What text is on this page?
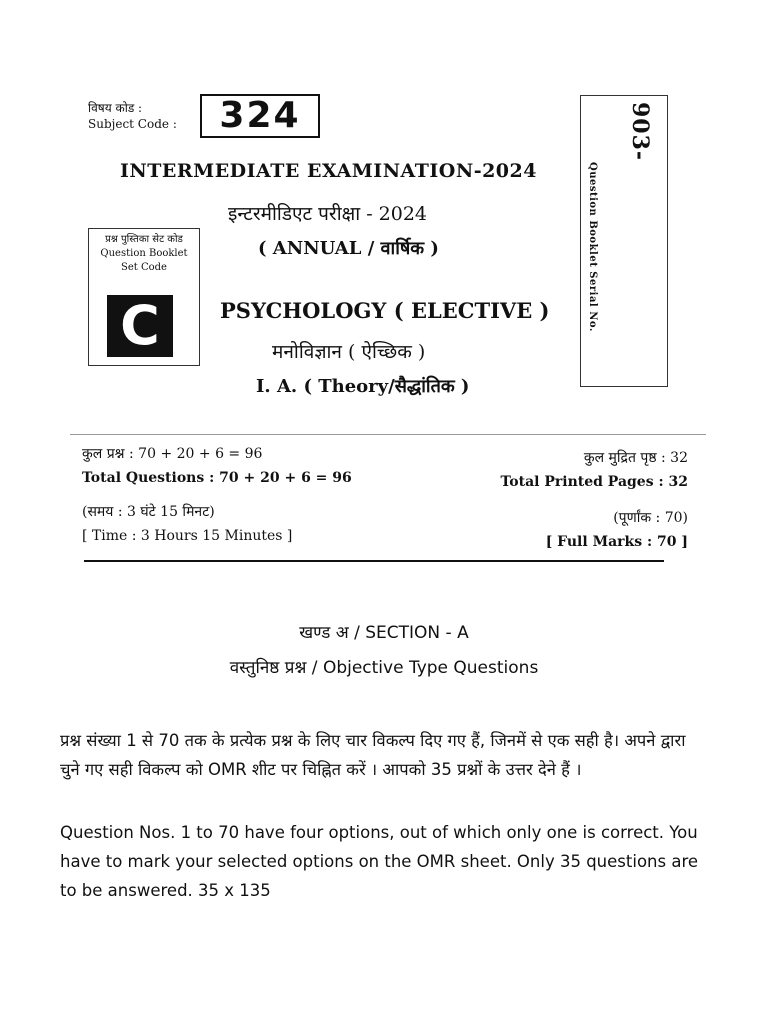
विषय कोड :
Subject Code :	324
INTERMEDIATE EXAMINATION-2024
इन्टरमीडिएट परीक्षा - 2024
( ANNUAL / वार्षिक )
प्रश्न पुस्तिका सेट कोड
Question Booklet
Set Code
C	PSYCHOLOGY ( ELECTIVE )
मनोविज्ञान ( ऐच्छिक )
I. A. ( Theory/सैद्धांतिक )
903-
Question Booklet Serial No.
कुल प्रश्न : 70 + 20 + 6 = 96
Total Questions : 70 + 20 + 6 = 96
कुल मुद्रित पृष्ठ : 32
Total Printed Pages : 32
(समय : 3 घंटे 15 मिनट)
[ Time : 3 Hours 15 Minutes ]
(पूर्णांक : 70)
[ Full Marks : 70 ]
खण्ड अ / SECTION - A
वस्तुनिष्ठ प्रश्न / Objective Type Questions
प्रश्न संख्या 1 से 70 तक के प्रत्येक प्रश्न के लिए चार विकल्प दिए गए हैं, जिनमें से एक सही है। अपने द्वारा चुने गए सही विकल्प को OMR शीट पर चिह्नित करें । आपको 35 प्रश्नों के उत्तर देने हैं ।
Question Nos. 1 to 70 have four options, out of which only one is correct. You have to mark your selected options on the OMR sheet. Only 35 questions are to be answered. 35 x 135
